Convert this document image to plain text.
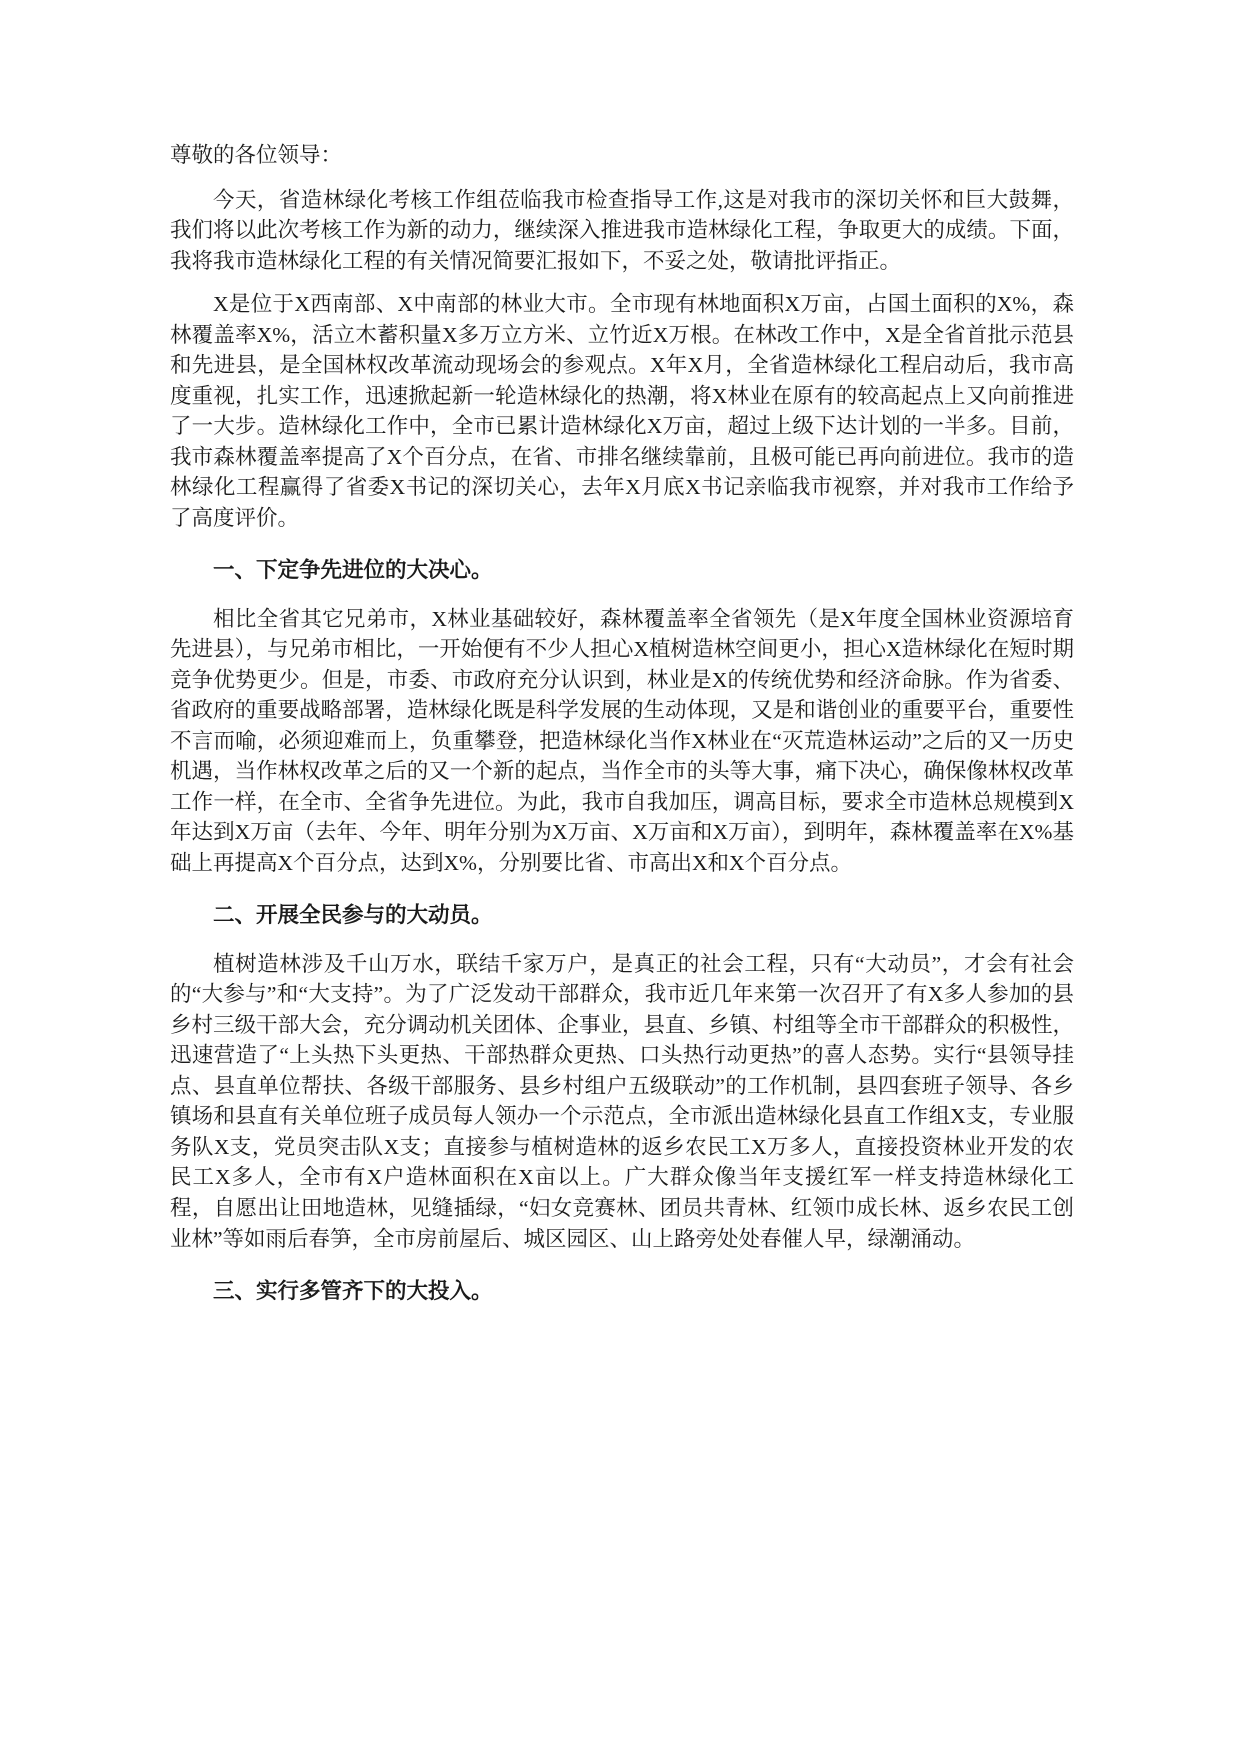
尊敬的各位领导：

今天，省造林绿化考核工作组莅临我市检查指导工作,这是对我市的深切关怀和巨大鼓舞，我们将以此次考核工作为新的动力，继续深入推进我市造林绿化工程，争取更大的成绩。下面，我将我市造林绿化工程的有关情况简要汇报如下，不妥之处，敬请批评指正。

X是位于X西南部、X中南部的林业大市。全市现有林地面积X万亩，占国土面积的X%，森林覆盖率X%，活立木蓄积量X多万立方米、立竹近X万根。在林改工作中，X是全省首批示范县和先进县，是全国林权改革流动现场会的参观点。X年X月，全省造林绿化工程启动后，我市高度重视，扎实工作，迅速掀起新一轮造林绿化的热潮，将X林业在原有的较高起点上又向前推进了一大步。造林绿化工作中，全市已累计造林绿化X万亩，超过上级下达计划的一半多。目前，我市森林覆盖率提高了X个百分点，在省、市排名继续靠前，且极可能已再向前进位。我市的造林绿化工程赢得了省委X书记的深切关心，去年X月底X书记亲临我市视察，并对我市工作给予了高度评价。

一、下定争先进位的大决心。

相比全省其它兄弟市，X林业基础较好，森林覆盖率全省领先（是X年度全国林业资源培育先进县），与兄弟市相比，一开始便有不少人担心X植树造林空间更小，担心X造林绿化在短时期竞争优势更少。但是，市委、市政府充分认识到，林业是X的传统优势和经济命脉。作为省委、省政府的重要战略部署，造林绿化既是科学发展的生动体现，又是和谐创业的重要平台，重要性不言而喻，必须迎难而上，负重攀登，把造林绿化当作X林业在“灭荒造林运动”之后的又一历史机遇，当作林权改革之后的又一个新的起点，当作全市的头等大事，痛下决心，确保像林权改革工作一样，在全市、全省争先进位。为此，我市自我加压，调高目标，要求全市造林总规模到X年达到X万亩（去年、今年、明年分别为X万亩、X万亩和X万亩），到明年，森林覆盖率在X%基础上再提高X个百分点，达到X%，分别要比省、市高出X和X个百分点。

二、开展全民参与的大动员。

植树造林涉及千山万水，联结千家万户，是真正的社会工程，只有“大动员”，才会有社会的“大参与”和“大支持”。为了广泛发动干部群众，我市近几年来第一次召开了有X多人参加的县乡村三级干部大会，充分调动机关团体、企事业，县直、乡镇、村组等全市干部群众的积极性，迅速营造了“上头热下头更热、干部热群众更热、口头热行动更热”的喜人态势。实行“县领导挂点、县直单位帮扶、各级干部服务、县乡村组户五级联动”的工作机制，县四套班子领导、各乡镇场和县直有关单位班子成员每人领办一个示范点，全市派出造林绿化县直工作组X支，专业服务队X支，党员突击队X支；直接参与植树造林的返乡农民工X万多人，直接投资林业开发的农民工X多人，全市有X户造林面积在X亩以上。广大群众像当年支援红军一样支持造林绿化工程，自愿出让田地造林，见缝插绿，“妇女竞赛林、团员共青林、红领巾成长林、返乡农民工创业林”等如雨后春笋，全市房前屋后、城区园区、山上路旁处处春催人早，绿潮涌动。

三、实行多管齐下的大投入。
